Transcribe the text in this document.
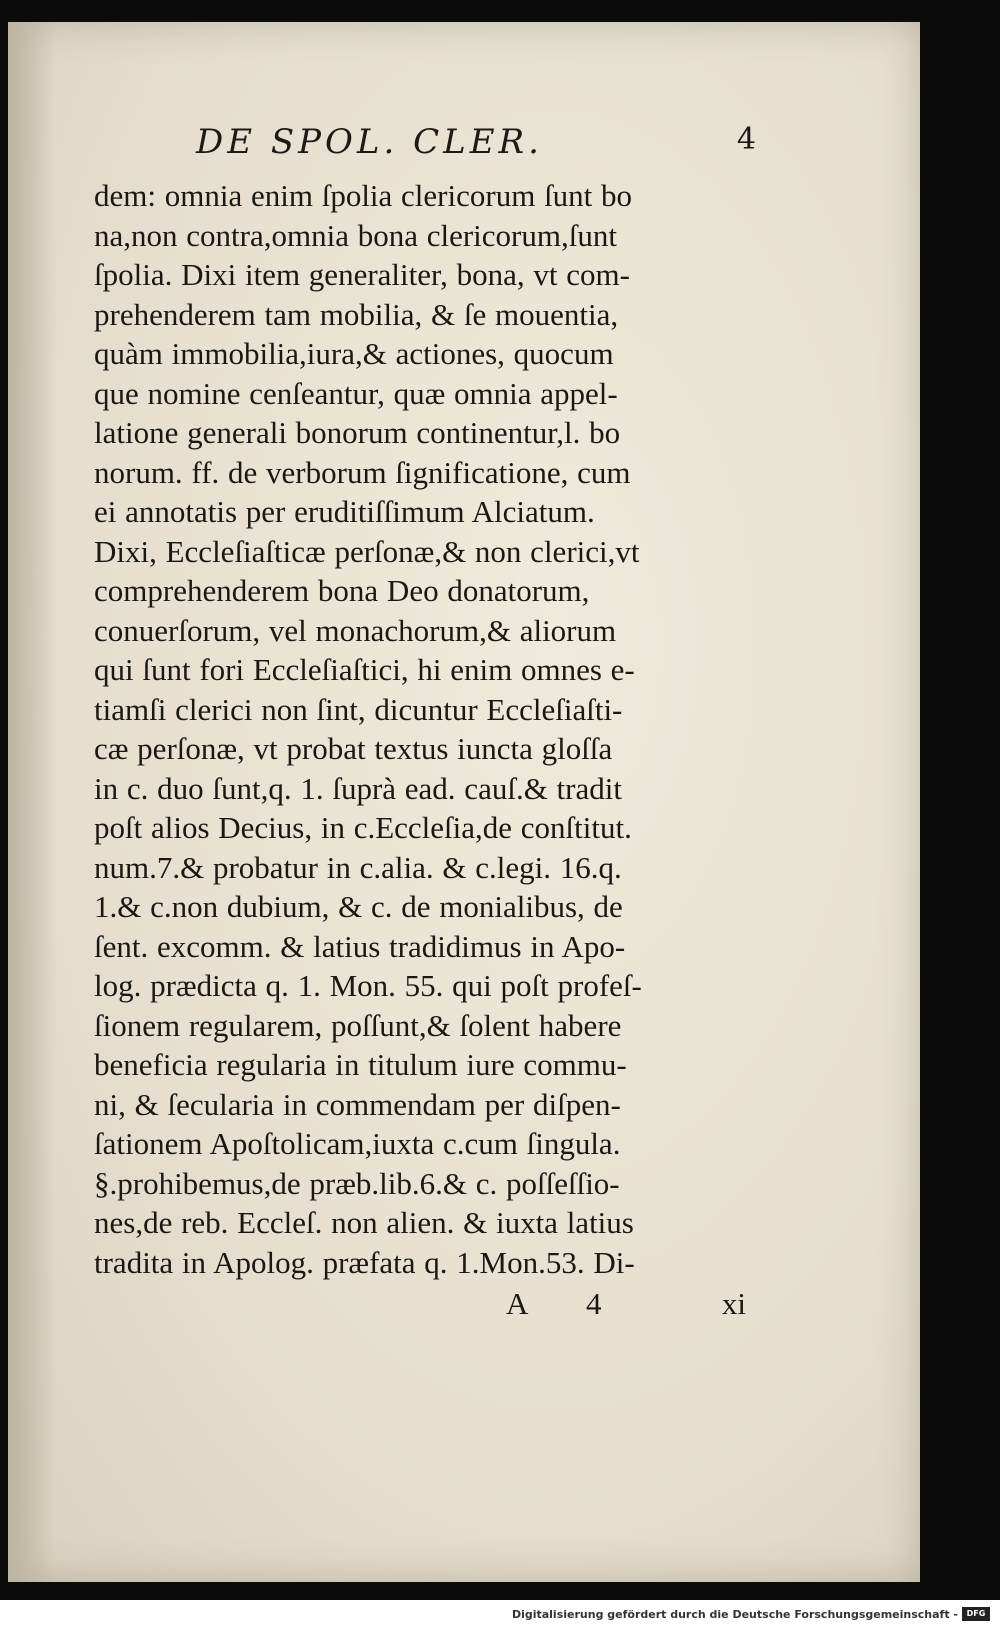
DE SPOL. CLER.	4
dem: omnia enim ſpolia clericorum ſunt bo
na,non contra,omnia bona clericorum,ſunt
ſpolia. Dixi item generaliter, bona, vt com-
prehenderem tam mobilia, & ſe mouentia,
quàm immobilia,iura,& actiones, quocum
que nomine cenſeantur, quæ omnia appel-
latione generali bonorum continentur,l. bo
norum. ff. de verborum ſignificatione, cum
ei annotatis per eruditiſſimum Alciatum.
Dixi, Eccleſiaſticæ perſonæ,& non clerici,vt
comprehenderem bona Deo donatorum,
conuerſorum, vel monachorum,& aliorum
qui ſunt fori Eccleſiaſtici, hi enim omnes e-
tiamſi clerici non ſint, dicuntur Eccleſiaſti-
cæ perſonæ, vt probat textus iuncta gloſſa
in c. duo ſunt,q. 1. ſuprà ead. cauſ.& tradit
poſt alios Decius, in c.Eccleſia,de conſtitut.
num.7.& probatur in c.alia. & c.legi. 16.q.
1.& c.non dubium, & c. de monialibus, de
ſent. excomm. & latius tradidimus in Apo-
log. prædicta q. 1. Mon. 55. qui poſt profeſ-
ſionem regularem, poſſunt,& ſolent habere
beneficia regularia in titulum iure commu-
ni, & ſecularia in commendam per diſpen-
ſationem Apoſtolicam,iuxta c.cum ſingula.
§.prohibemus,de præb.lib.6.& c. poſſeſſio-
nes,de reb. Eccleſ. non alien. & iuxta latius
tradita in Apolog. præfata q. 1.Mon.53. Di-
A 4	xi
Digitalisierung gefördert durch die Deutsche Forschungsgemeinschaft -	DFG
